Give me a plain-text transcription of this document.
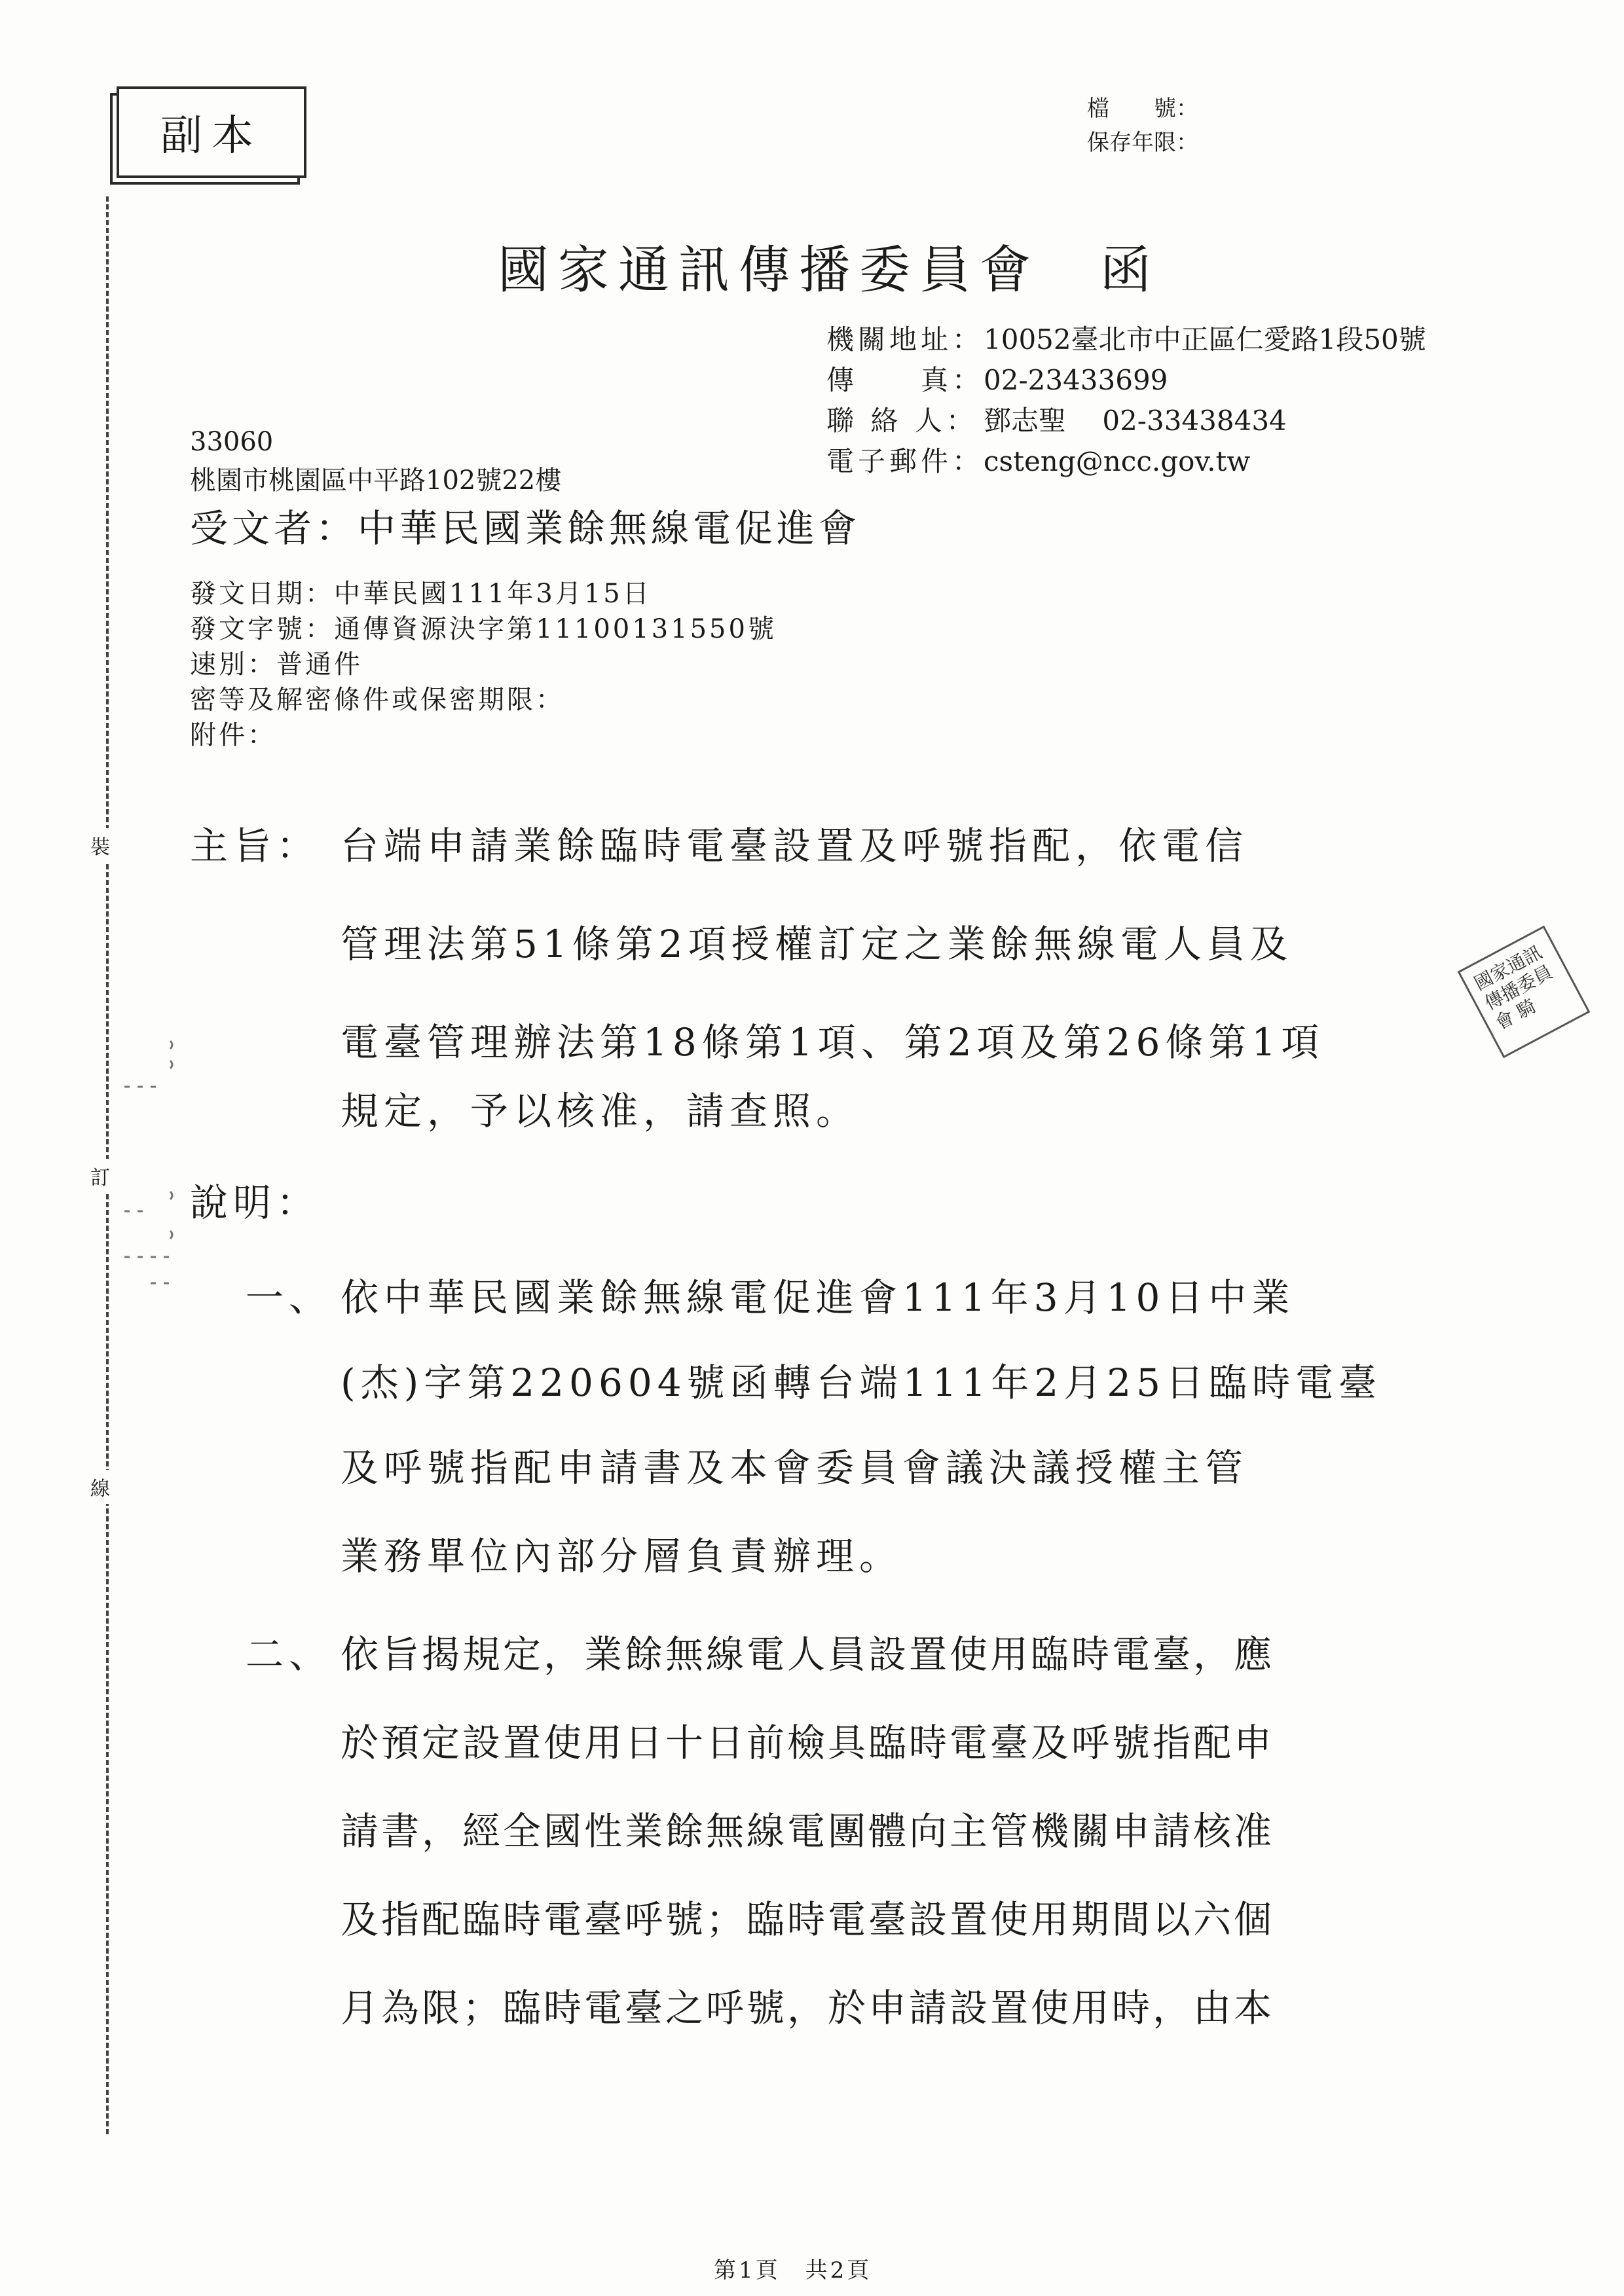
副本
檔　　號：
保存年限：
國家通訊傳播委員會　函
機關地址： 10052臺北市中正區仁愛路1段50號
傳　　真： 02-23433699
聯 絡 人： 鄧志聖　 02-33438434
電子郵件： csteng@ncc.gov.tw
33060
桃園市桃園區中平路102號22樓
受文者：中華民國業餘無線電促進會
發文日期：中華民國111年3月15日
發文字號：通傳資源決字第11100131550號
速別：普通件
密等及解密條件或保密期限：
附件：
主旨： 台端申請業餘臨時電臺設置及呼號指配，依電信
管理法第51條第2項授權訂定之業餘無線電人員及
電臺管理辦法第18條第1項、第2項及第26條第1項
規定，予以核准，請查照。
說明：
一、 依中華民國業餘無線電促進會111年3月10日中業
(杰)字第220604號函轉台端111年2月25日臨時電臺
及呼號指配申請書及本會委員會議決議授權主管
業務單位內部分層負責辦理。
二、 依旨揭規定，業餘無線電人員設置使用臨時電臺，應
於預定設置使用日十日前檢具臨時電臺及呼號指配申
請書，經全國性業餘無線電團體向主管機關申請核准
及指配臨時電臺呼號；臨時電臺設置使用期間以六個
月為限；臨時電臺之呼號，於申請設置使用時，由本
裝
訂
線
國家通訊傳播委員會 騎
第1頁　共2頁
